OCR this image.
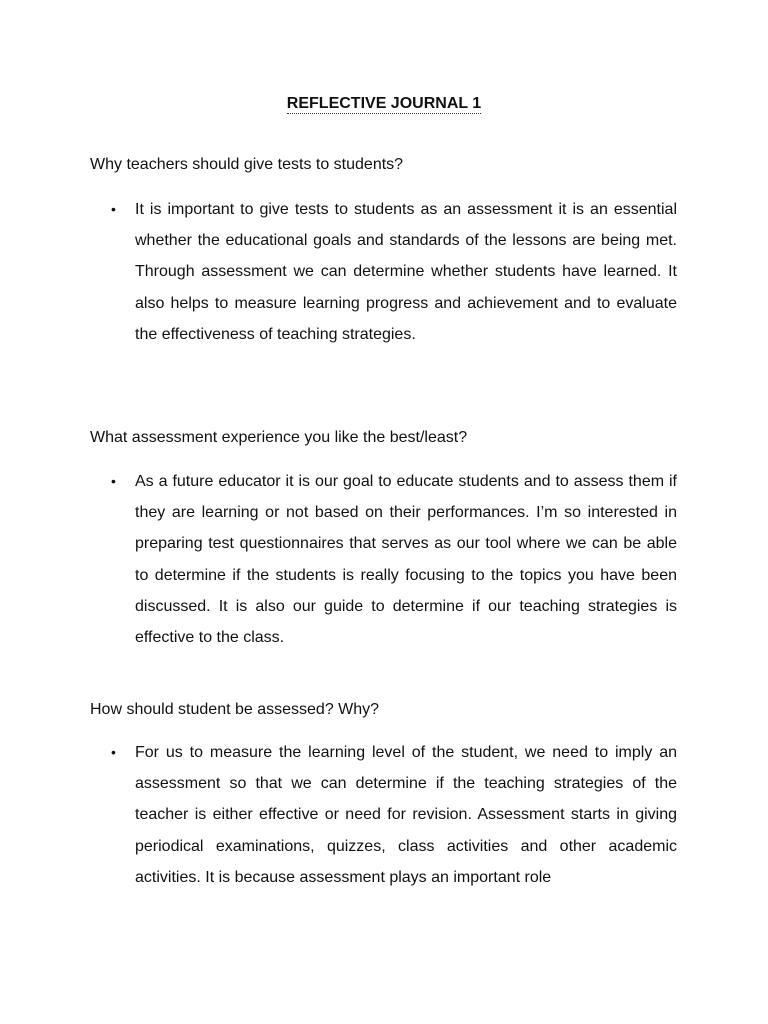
REFLECTIVE JOURNAL 1
Why teachers should give tests to students?
• It is important to give tests to students as an assessment it is an essential whether the educational goals and standards of the lessons are being met. Through assessment we can determine whether students have learned. It also helps to measure learning progress and achievement and to evaluate the effectiveness of teaching strategies.
What assessment experience you like the best/least?
• As a future educator it is our goal to educate students and to assess them if they are learning or not based on their performances. I’m so interested in preparing test questionnaires that serves as our tool where we can be able to determine if the students is really focusing to the topics you have been discussed. It is also our guide to determine if our teaching strategies is effective to the class.
How should student be assessed? Why?
• For us to measure the learning level of the student, we need to imply an assessment so that we can determine if the teaching strategies of the teacher is either effective or need for revision. Assessment starts in giving periodical examinations, quizzes, class activities and other academic activities. It is because assessment plays an important role
